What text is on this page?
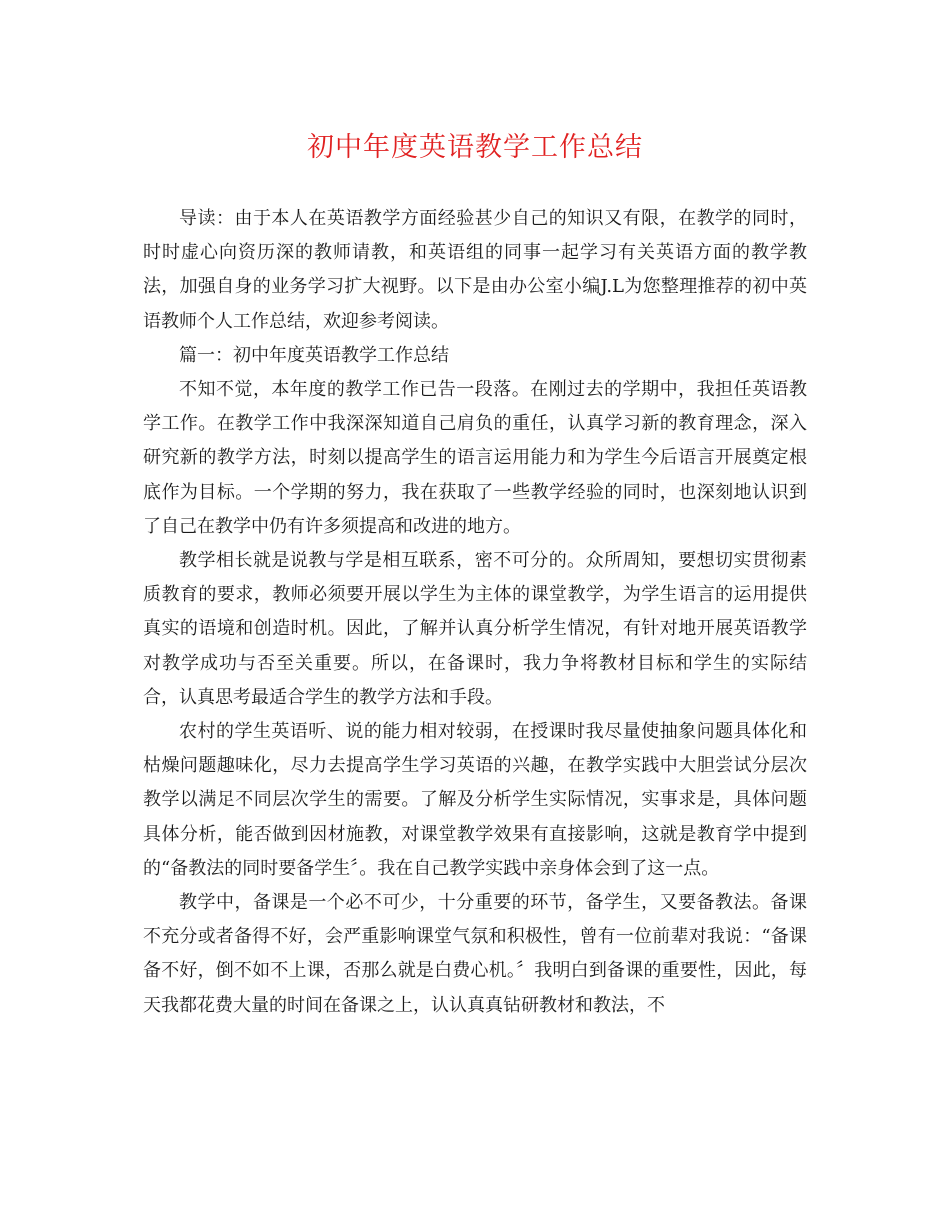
初中年度英语教学工作总结

导读：由于本人在英语教学方面经验甚少自己的知识又有限，在教学的同时，时时虚心向资历深的教师请教，和英语组的同事一起学习有关英语方面的教学教法，加强自身的业务学习扩大视野。以下是由办公室小编J.L为您整理推荐的初中英语教师个人工作总结，欢迎参考阅读。

篇一：初中年度英语教学工作总结

不知不觉，本年度的教学工作已告一段落。在刚过去的学期中，我担任英语教学工作。在教学工作中我深深知道自己肩负的重任，认真学习新的教育理念，深入研究新的教学方法，时刻以提高学生的语言运用能力和为学生今后语言开展奠定根底作为目标。一个学期的努力，我在获取了一些教学经验的同时，也深刻地认识到了自己在教学中仍有许多须提高和改进的地方。

教学相长就是说教与学是相互联系，密不可分的。众所周知，要想切实贯彻素质教育的要求，教师必须要开展以学生为主体的课堂教学，为学生语言的运用提供真实的语境和创造时机。因此，了解并认真分析学生情况，有针对地开展英语教学对教学成功与否至关重要。所以，在备课时，我力争将教材目标和学生的实际结合，认真思考最适合学生的教学方法和手段。

农村的学生英语听、说的能力相对较弱，在授课时我尽量使抽象问题具体化和枯燥问题趣味化，尽力去提高学生学习英语的兴趣，在教学实践中大胆尝试分层次教学以满足不同层次学生的需要。了解及分析学生实际情况，实事求是，具体问题具体分析，能否做到因材施教，对课堂教学效果有直接影响，这就是教育学中提到的“备教法的同时要备学生〞。我在自己教学实践中亲身体会到了这一点。

教学中，备课是一个必不可少，十分重要的环节，备学生，又要备教法。备课不充分或者备得不好，会严重影响课堂气氛和积极性，曾有一位前辈对我说：“备课备不好，倒不如不上课，否那么就是白费心机。〞我明白到备课的重要性，因此，每天我都花费大量的时间在备课之上，认认真真钻研教材和教法，不
